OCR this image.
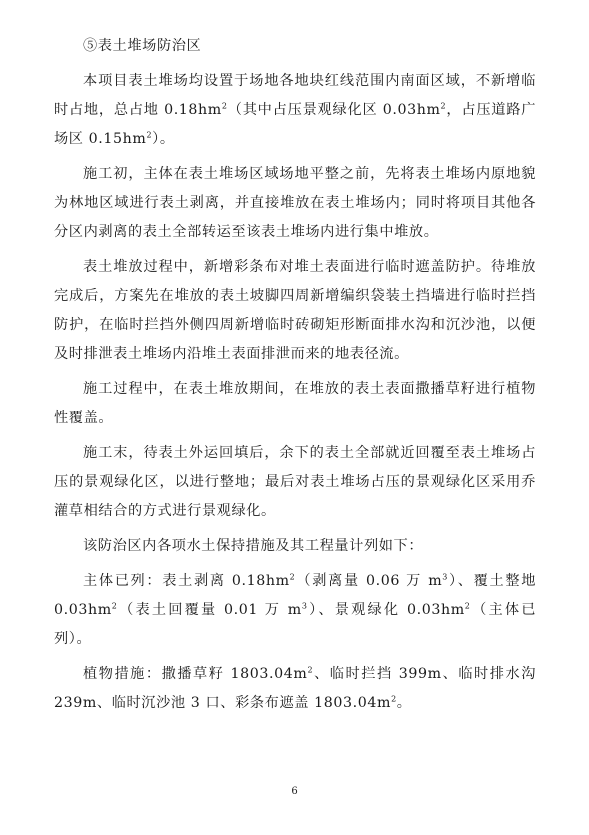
⑤表土堆场防治区

本项目表土堆场均设置于场地各地块红线范围内南面区域，不新增临时占地，总占地 $0.18hm^2$（其中占压景观绿化区 $0.03hm^2$，占压道路广场区 $0.15hm^2$）。

施工初，主体在表土堆场区域场地平整之前，先将表土堆场内原地貌为林地区域进行表土剥离，并直接堆放在表土堆场内；同时将项目其他各分区内剥离的表土全部转运至该表土堆场内进行集中堆放。

表土堆放过程中，新增彩条布对堆土表面进行临时遮盖防护。待堆放完成后，方案先在堆放的表土坡脚四周新增编织袋装土挡墙进行临时拦挡防护，在临时拦挡外侧四周新增临时砖砌矩形断面排水沟和沉沙池，以便及时排泄表土堆场内沿堆土表面排泄而来的地表径流。

施工过程中，在表土堆放期间，在堆放的表土表面撒播草籽进行植物性覆盖。

施工末，待表土外运回填后，余下的表土全部就近回覆至表土堆场占压的景观绿化区，以进行整地；最后对表土堆场占压的景观绿化区采用乔灌草相结合的方式进行景观绿化。

该防治区内各项水土保持措施及其工程量计列如下：

主体已列：表土剥离 $0.18hm^2$（剥离量 0.06 万 $m^3$）、覆土整地 $0.03hm^2$（表土回覆量 0.01 万 $m^3$）、景观绿化 $0.03hm^2$（主体已列）。

植物措施：撒播草籽 $1803.04m^2$、临时拦挡 399m、临时排水沟 239m、临时沉沙池 3 口、彩条布遮盖 $1803.04m^2$。

6
